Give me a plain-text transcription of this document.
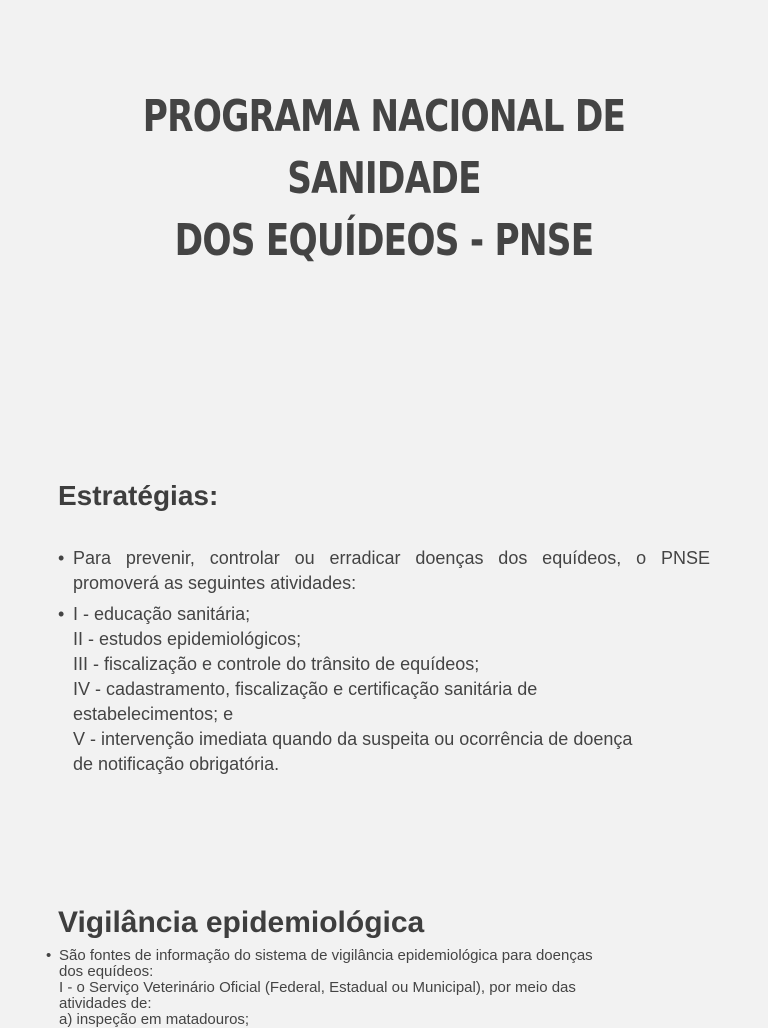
PROGRAMA NACIONAL DE SANIDADE
DOS EQUÍDEOS - PNSE
Estratégias:
• Para prevenir, controlar ou erradicar doenças dos equídeos, o PNSE
promoverá as seguintes atividades:
• I - educação sanitária;
II - estudos epidemiológicos;
III - fiscalização e controle do trânsito de equídeos;
IV - cadastramento, fiscalização e certificação sanitária de
estabelecimentos; e
V - intervenção imediata quando da suspeita ou ocorrência de doença
de notificação obrigatória.
Vigilância epidemiológica
• São fontes de informação do sistema de vigilância epidemiológica para doenças
dos equídeos:
I - o Serviço Veterinário Oficial (Federal, Estadual ou Municipal), por meio das
atividades de:
a) inspeção em matadouros;
